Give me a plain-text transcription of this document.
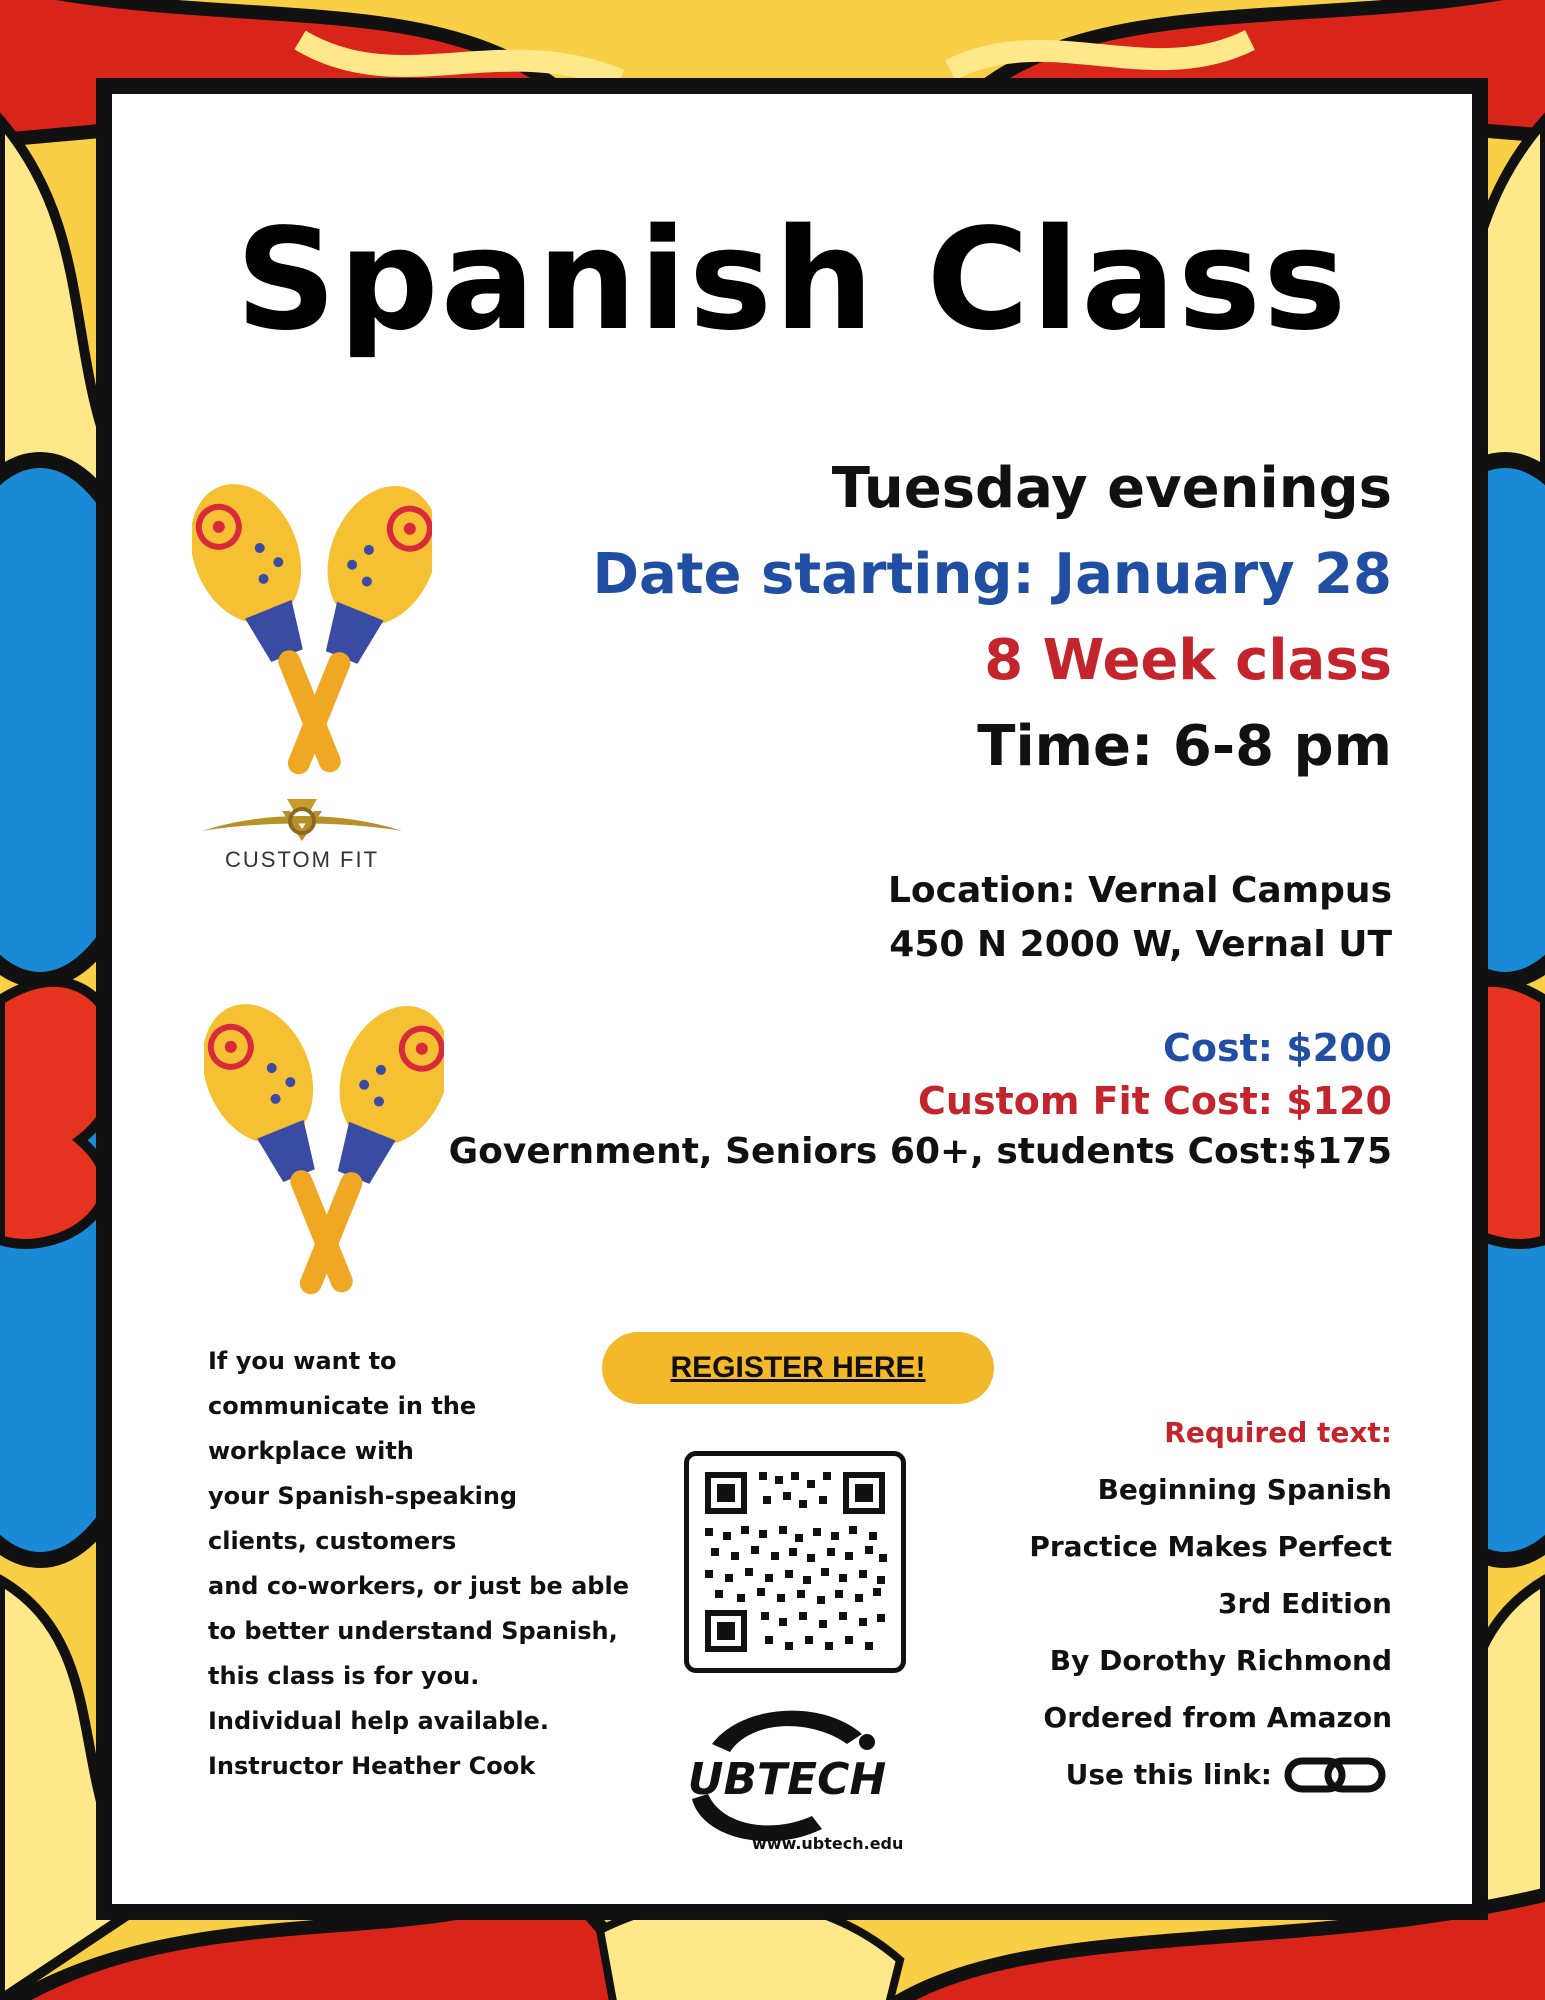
Spanish Class
CUSTOM FIT
Tuesday evenings
Date starting: January 28
8 Week class
Time: 6-8 pm
Location: Vernal Campus
450 N 2000 W, Vernal UT
Cost: $200
Custom Fit Cost: $120
Government, Seniors 60+, students Cost:$175
If you want to
communicate in the
workplace with
your Spanish-speaking
clients, customers
and co-workers, or just be able
to better understand Spanish,
this class is for you.
Individual help available.
Instructor Heather Cook
REGISTER HERE!
UBTECH
www.ubtech.edu
Required text:
Beginning Spanish
Practice Makes Perfect
3rd Edition
By Dorothy Richmond
Ordered from Amazon
Use this link:
